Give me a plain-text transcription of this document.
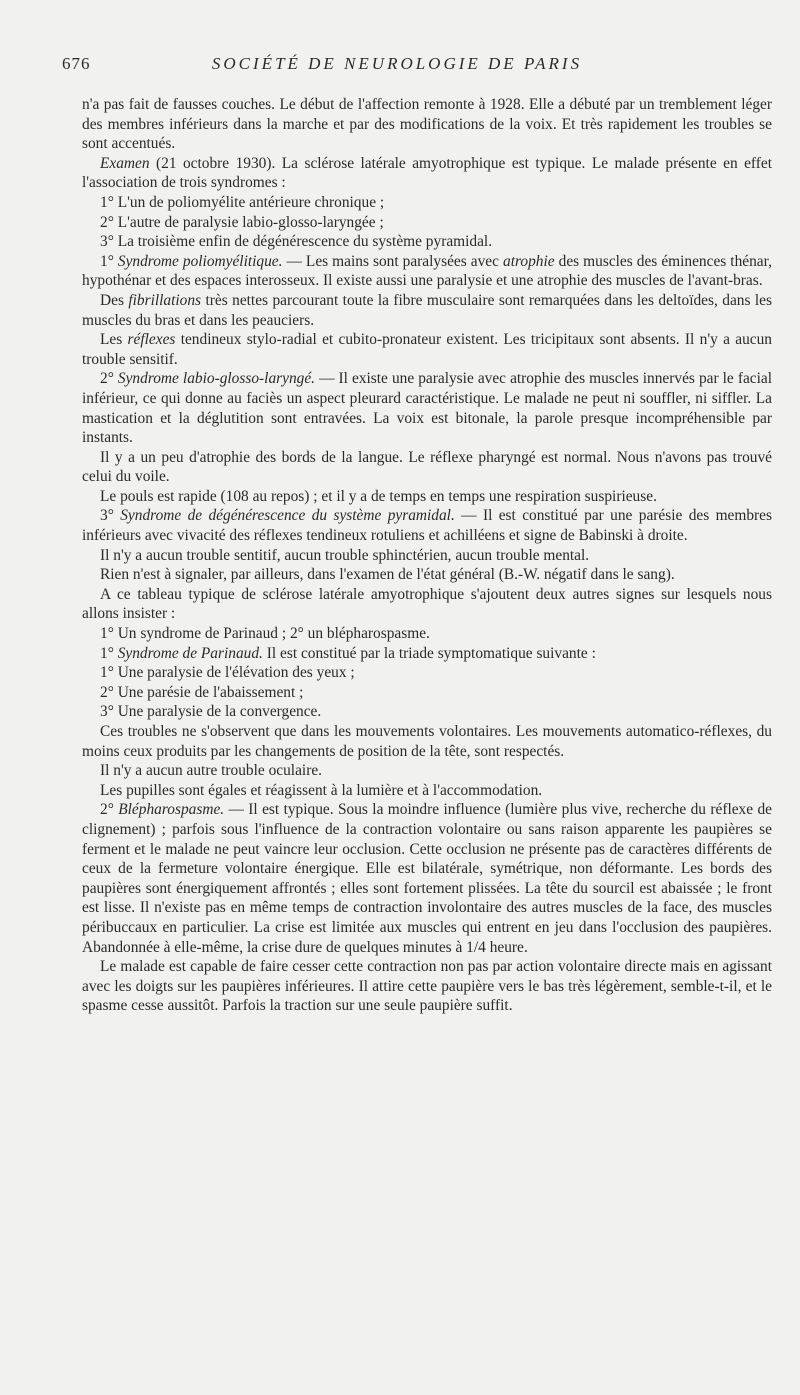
676	SOCIÉTÉ DE NEUROLOGIE DE PARIS

n'a pas fait de fausses couches. Le début de l'affection remonte à 1928. Elle a débuté par un tremblement léger des membres inférieurs dans la marche et par des modifications de la voix. Et très rapidement les troubles se sont accentués.

Examen (21 octobre 1930). La sclérose latérale amyotrophique est typique. Le malade présente en effet l'association de trois syndromes :

1° L'un de poliomyélite antérieure chronique ;

2° L'autre de paralysie labio-glosso-laryngée ;

3° La troisième enfin de dégénérescence du système pyramidal.

1° Syndrome poliomyélitique. — Les mains sont paralysées avec atrophie des muscles des éminences thénar, hypothénar et des espaces interosseux. Il existe aussi une paralysie et une atrophie des muscles de l'avant-bras.

Des fibrillations très nettes parcourant toute la fibre musculaire sont remarquées dans les deltoïdes, dans les muscles du bras et dans les peauciers.

Les réflexes tendineux stylo-radial et cubito-pronateur existent. Les tricipitaux sont absents. Il n'y a aucun trouble sensitif.

2° Syndrome labio-glosso-laryngé. — Il existe une paralysie avec atrophie des muscles innervés par le facial inférieur, ce qui donne au faciès un aspect pleurard caractéristique. Le malade ne peut ni souffler, ni siffler. La mastication et la déglutition sont entravées. La voix est bitonale, la parole presque incompréhensible par instants.

Il y a un peu d'atrophie des bords de la langue. Le réflexe pharyngé est normal. Nous n'avons pas trouvé celui du voile.

Le pouls est rapide (108 au repos) ; et il y a de temps en temps une respiration suspirieuse.

3° Syndrome de dégénérescence du système pyramidal. — Il est constitué par une parésie des membres inférieurs avec vivacité des réflexes tendineux rotuliens et achilléens et signe de Babinski à droite.

Il n'y a aucun trouble sentitif, aucun trouble sphinctérien, aucun trouble mental.

Rien n'est à signaler, par ailleurs, dans l'examen de l'état général (B.-W. négatif dans le sang).

A ce tableau typique de sclérose latérale amyotrophique s'ajoutent deux autres signes sur lesquels nous allons insister :

1° Un syndrome de Parinaud ; 2° un blépharospasme.

1° Syndrome de Parinaud. Il est constitué par la triade symptomatique suivante :

1° Une paralysie de l'élévation des yeux ;

2° Une parésie de l'abaissement ;

3° Une paralysie de la convergence.

Ces troubles ne s'observent que dans les mouvements volontaires. Les mouvements automatico-réflexes, du moins ceux produits par les changements de position de la tête, sont respectés.

Il n'y a aucun autre trouble oculaire.

Les pupilles sont égales et réagissent à la lumière et à l'accommodation.

2° Blépharospasme. — Il est typique. Sous la moindre influence (lumière plus vive, recherche du réflexe de clignement) ; parfois sous l'influence de la contraction volontaire ou sans raison apparente les paupières se ferment et le malade ne peut vaincre leur occlusion. Cette occlusion ne présente pas de caractères différents de ceux de la fermeture volontaire énergique. Elle est bilatérale, symétrique, non déformante. Les bords des paupières sont énergiquement affrontés ; elles sont fortement plissées. La tête du sourcil est abaissée ; le front est lisse. Il n'existe pas en même temps de contraction involontaire des autres muscles de la face, des muscles péribuccaux en particulier. La crise est limitée aux muscles qui entrent en jeu dans l'occlusion des paupières. Abandonnée à elle-même, la crise dure de quelques minutes à 1/4 heure.

Le malade est capable de faire cesser cette contraction non pas par action volontaire directe mais en agissant avec les doigts sur les paupières inférieures. Il attire cette paupière vers le bas très légèrement, semble-t-il, et le spasme cesse aussitôt. Parfois la traction sur une seule paupière suffit.
